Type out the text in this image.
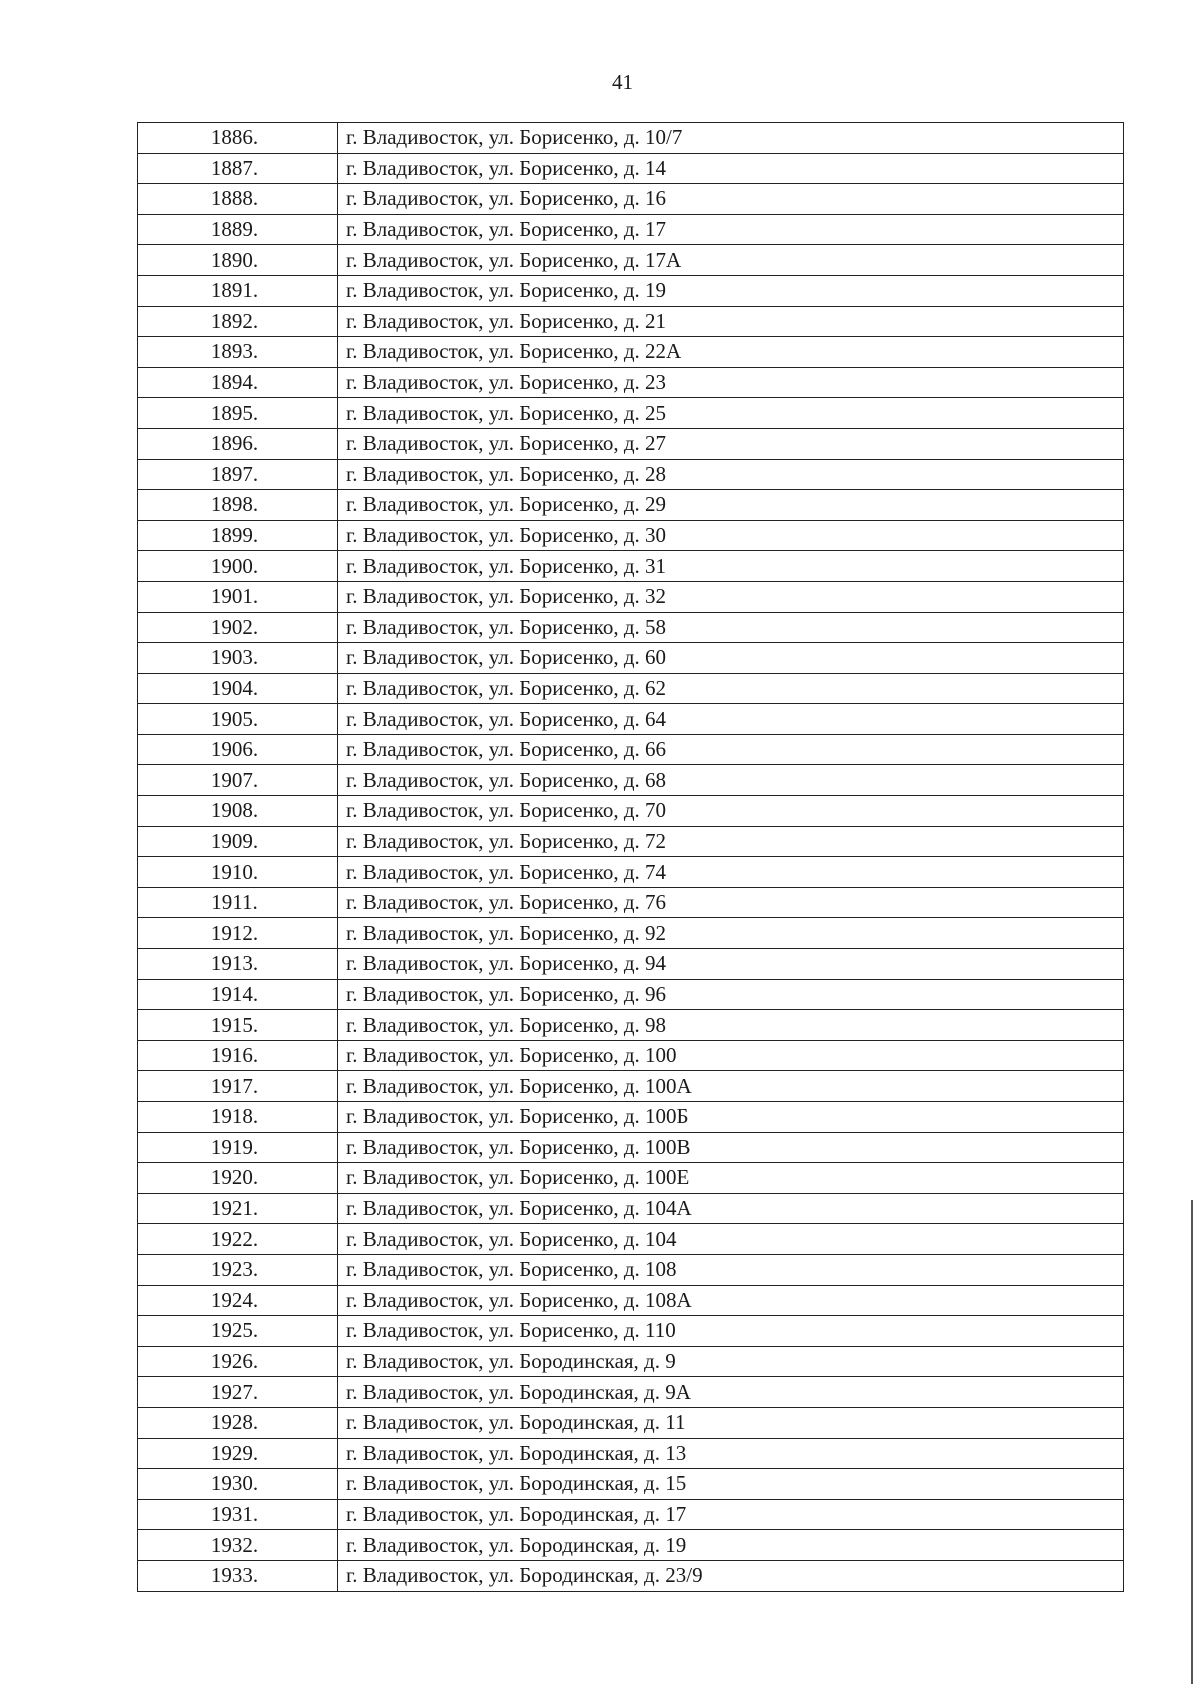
41
1886.	г. Владивосток, ул. Борисенко, д. 10/7
1887.	г. Владивосток, ул. Борисенко, д. 14
1888.	г. Владивосток, ул. Борисенко, д. 16
1889.	г. Владивосток, ул. Борисенко, д. 17
1890.	г. Владивосток, ул. Борисенко, д. 17А
1891.	г. Владивосток, ул. Борисенко, д. 19
1892.	г. Владивосток, ул. Борисенко, д. 21
1893.	г. Владивосток, ул. Борисенко, д. 22А
1894.	г. Владивосток, ул. Борисенко, д. 23
1895.	г. Владивосток, ул. Борисенко, д. 25
1896.	г. Владивосток, ул. Борисенко, д. 27
1897.	г. Владивосток, ул. Борисенко, д. 28
1898.	г. Владивосток, ул. Борисенко, д. 29
1899.	г. Владивосток, ул. Борисенко, д. 30
1900.	г. Владивосток, ул. Борисенко, д. 31
1901.	г. Владивосток, ул. Борисенко, д. 32
1902.	г. Владивосток, ул. Борисенко, д. 58
1903.	г. Владивосток, ул. Борисенко, д. 60
1904.	г. Владивосток, ул. Борисенко, д. 62
1905.	г. Владивосток, ул. Борисенко, д. 64
1906.	г. Владивосток, ул. Борисенко, д. 66
1907.	г. Владивосток, ул. Борисенко, д. 68
1908.	г. Владивосток, ул. Борисенко, д. 70
1909.	г. Владивосток, ул. Борисенко, д. 72
1910.	г. Владивосток, ул. Борисенко, д. 74
1911.	г. Владивосток, ул. Борисенко, д. 76
1912.	г. Владивосток, ул. Борисенко, д. 92
1913.	г. Владивосток, ул. Борисенко, д. 94
1914.	г. Владивосток, ул. Борисенко, д. 96
1915.	г. Владивосток, ул. Борисенко, д. 98
1916.	г. Владивосток, ул. Борисенко, д. 100
1917.	г. Владивосток, ул. Борисенко, д. 100А
1918.	г. Владивосток, ул. Борисенко, д. 100Б
1919.	г. Владивосток, ул. Борисенко, д. 100В
1920.	г. Владивосток, ул. Борисенко, д. 100Е
1921.	г. Владивосток, ул. Борисенко, д. 104А
1922.	г. Владивосток, ул. Борисенко, д. 104
1923.	г. Владивосток, ул. Борисенко, д. 108
1924.	г. Владивосток, ул. Борисенко, д. 108А
1925.	г. Владивосток, ул. Борисенко, д. 110
1926.	г. Владивосток, ул. Бородинская, д. 9
1927.	г. Владивосток, ул. Бородинская, д. 9А
1928.	г. Владивосток, ул. Бородинская, д. 11
1929.	г. Владивосток, ул. Бородинская, д. 13
1930.	г. Владивосток, ул. Бородинская, д. 15
1931.	г. Владивосток, ул. Бородинская, д. 17
1932.	г. Владивосток, ул. Бородинская, д. 19
1933.	г. Владивосток, ул. Бородинская, д. 23/9
